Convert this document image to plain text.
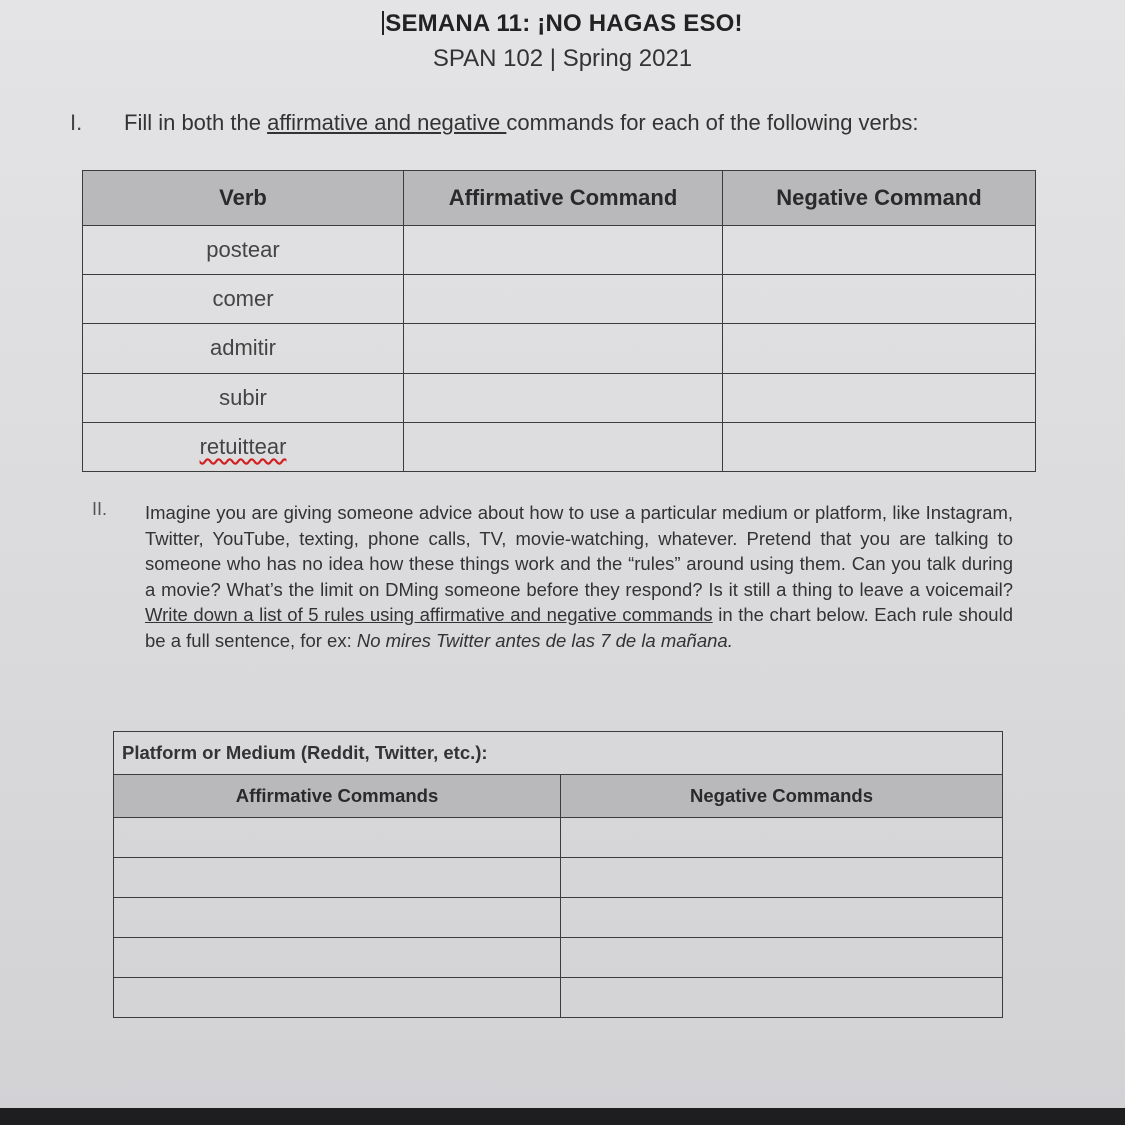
SEMANA 11: ¡NO HAGAS ESO!
SPAN 102 | Spring 2021
I. Fill in both the affirmative and negative commands for each of the following verbs:
Verb	Affirmative Command	Negative Command
postear		
comer		
admitir		
subir		
retuittear		
II. Imagine you are giving someone advice about how to use a particular medium or platform, like Instagram, Twitter, YouTube, texting, phone calls, TV, movie-watching, whatever. Pretend that you are talking to someone who has no idea how these things work and the “rules” around using them. Can you talk during a movie? What’s the limit on DMing someone before they respond? Is it still a thing to leave a voicemail? Write down a list of 5 rules using affirmative and negative commands in the chart below. Each rule should be a full sentence, for ex: No mires Twitter antes de las 7 de la mañana.
Platform or Medium (Reddit, Twitter, etc.):	
Affirmative Commands	Negative Commands
